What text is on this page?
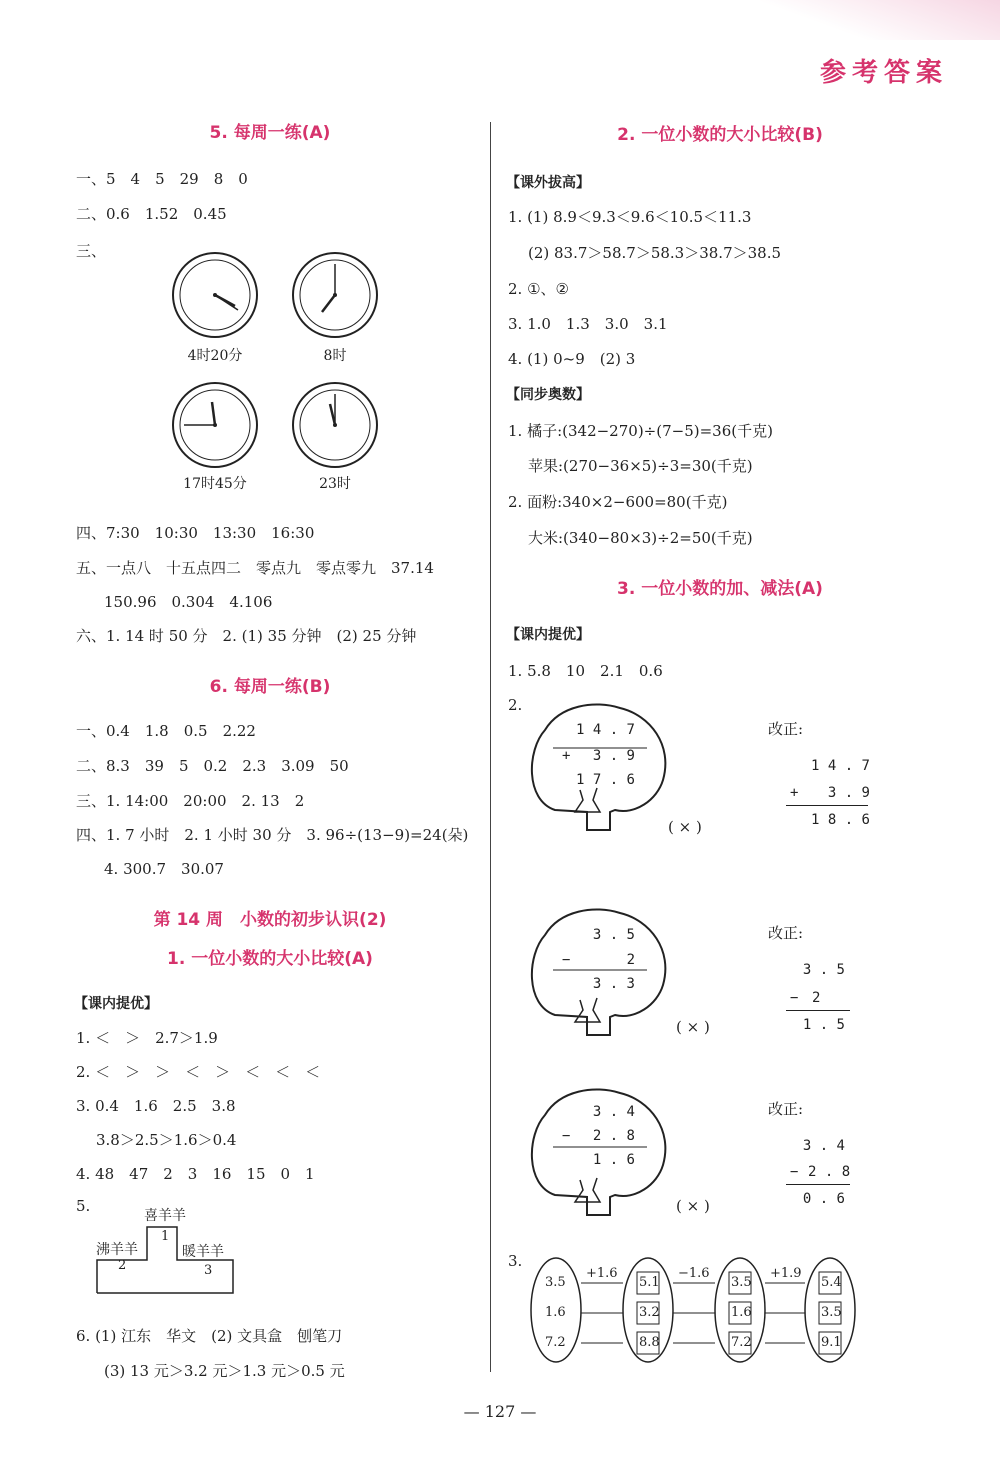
参考答案
5. 每周一练(A)
一、5　4　5　29　8　0
二、0.6　1.52　0.45
三、
4时20分	8时
17时45分	23时
四、7:30　10:30　13:30　16:30
五、一点八　十五点四二　零点九　零点零九　37.14
150.96　0.304　4.106
六、1. 14 时 50 分　2. (1) 35 分钟　(2) 25 分钟
6. 每周一练(B)
一、0.4　1.8　0.5　2.22
二、8.3　39　5　0.2　2.3　3.09　50
三、1. 14:00　20:00　2. 13　2
四、1. 7 小时　2. 1 小时 30 分　3. 96÷(13−9)=24(朵)
4. 300.7　30.07
第 14 周　小数的初步认识(2)
1. 一位小数的大小比较(A)
【课内提优】
1. ＜　＞　2.7＞1.9
2. ＜　＞　＞　＜　＞　＜　＜　＜
3. 0.4　1.6　2.5　3.8
3.8＞2.5＞1.6＞0.4
4. 48　47　2　3　16　15　0　1
5.
喜羊羊
沸羊羊	暖羊羊
1
2	3
6. (1) 江东　华文　(2) 文具盒　刨笔刀
(3) 13 元＞3.2 元＞1.3 元＞0.5 元
2. 一位小数的大小比较(B)
【课外拔高】
1. (1) 8.9＜9.3＜9.6＜10.5＜11.3
(2) 83.7＞58.7＞58.3＞38.7＞38.5
2. ①、②
3. 1.0　1.3　3.0　3.1
4. (1) 0~9　(2) 3
【同步奥数】
1. 橘子:(342−270)÷(7−5)=36(千克)
苹果:(270−36×5)÷3=30(千克)
2. 面粉:340×2−600=80(千克)
大米:(340−80×3)÷2=50(千克)
3. 一位小数的加、减法(A)
【课内提优】
1. 5.8　10　2.1　0.6
2.
1 4 . 7
+	3 . 9
1 7 . 6
( × )
改正:
1 4 . 7
+	3 . 9
1 8 . 6
3 . 5
−	2
3 . 3
( × )
改正:
3 . 5
− 2
1 . 5
3 . 4
−	2 . 8
1 . 6
( × )
改正:
3 . 4
− 2 . 8
0 . 6
3.
3.5
1.6
7.2
+1.6	−1.6	+1.9
5.1
3.2
8.8
3.5
1.6
7.2
5.4
3.5
9.1
— 127 —
